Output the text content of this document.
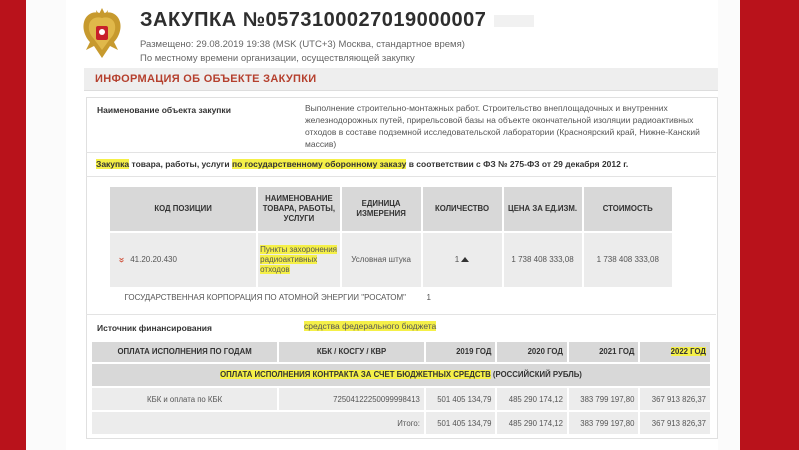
ЗАКУПКА №0573100027019000007
Размещено: 29.08.2019 19:38 (MSK (UTC+3) Москва, стандартное время)
По местному времени организации, осуществляющей закупку
ИНФОРМАЦИЯ ОБ ОБЪЕКТЕ ЗАКУПКИ
Наименование объекта закупки	Выполнение строительно-монтажных работ. Строительство внеплощадочных и внутренних железнодорожных путей, прирельсовой базы на объекте окончательной изоляции радиоактивных отходов в составе подземной исследовательской лаборатории (Красноярский край, Нижне-Канский массив)
Закупка товара, работы, услуги по государственному оборонному заказу в соответствии с ФЗ № 275-ФЗ от 29 декабря 2012 г.
КОД ПОЗИЦИИ	НАИМЕНОВАНИЕ ТОВАРА, РАБОТЫ, УСЛУГИ	ЕДИНИЦА ИЗМЕРЕНИЯ	КОЛИЧЕСТВО	ЦЕНА ЗА ЕД.ИЗМ.	СТОИМОСТЬ
» 41.20.20.430	Пункты захоронения радиоактивных отходов	Условная штука	1	1 738 408 333,08	1 738 408 333,08
ГОСУДАРСТВЕННАЯ КОРПОРАЦИЯ ПО АТОМНОЙ ЭНЕРГИИ "РОСАТОМ"			1		
Источник финансирования	средства федерального бюджета
ОПЛАТА ИСПОЛНЕНИЯ ПО ГОДАМ	КБК / КОСГУ / КВР	2019 ГОД	2020 ГОД	2021 ГОД	2022 ГОД
ОПЛАТА ИСПОЛНЕНИЯ КОНТРАКТА ЗА СЧЕТ БЮДЖЕТНЫХ СРЕДСТВ (РОССИЙСКИЙ РУБЛЬ)					
КБК и оплата по КБК	72504122250099998413	501 405 134,79	485 290 174,12	383 799 197,80	367 913 826,37
Итого:		501 405 134,79	485 290 174,12	383 799 197,80	367 913 826,37
